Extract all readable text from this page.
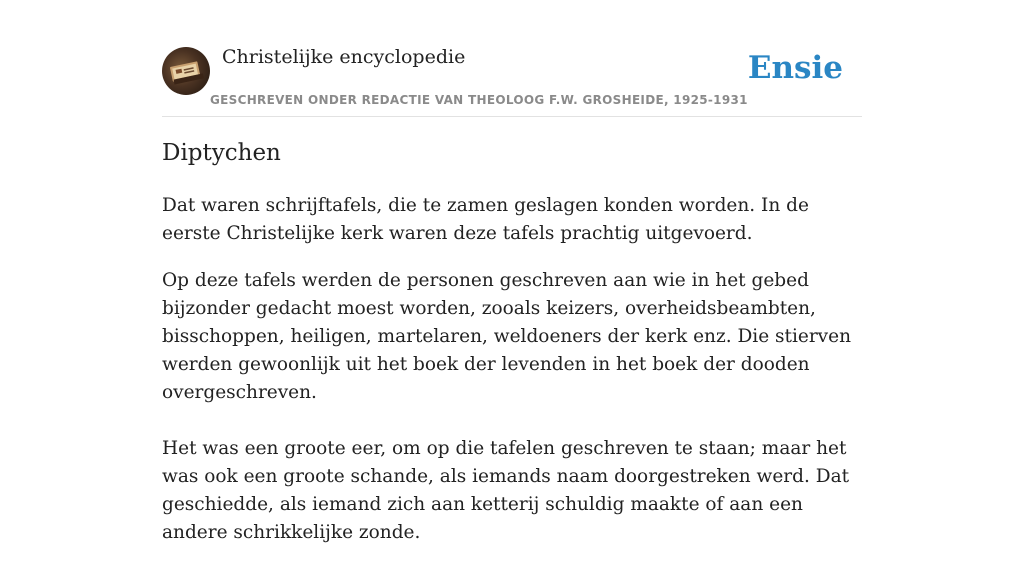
Christelijke encyclopedie
GESCHREVEN ONDER REDACTIE VAN THEOLOOG F.W. GROSHEIDE, 1925-1931
Ensie
Diptychen

Dat waren schrijftafels, die te zamen geslagen konden worden. In de eerste Christelijke kerk waren deze tafels prachtig uitgevoerd.

Op deze tafels werden de personen geschreven aan wie in het gebed bijzonder gedacht moest worden, zooals keizers, overheidsbeambten, bisschoppen, heiligen, martelaren, weldoeners der kerk enz. Die stierven werden gewoonlijk uit het boek der levenden in het boek der dooden overgeschreven.

Het was een groote eer, om op die tafelen geschreven te staan; maar het was ook een groote schande, als iemands naam doorgestreken werd. Dat geschiedde, als iemand zich aan ketterij schuldig maakte of aan een andere schrikkelijke zonde.
